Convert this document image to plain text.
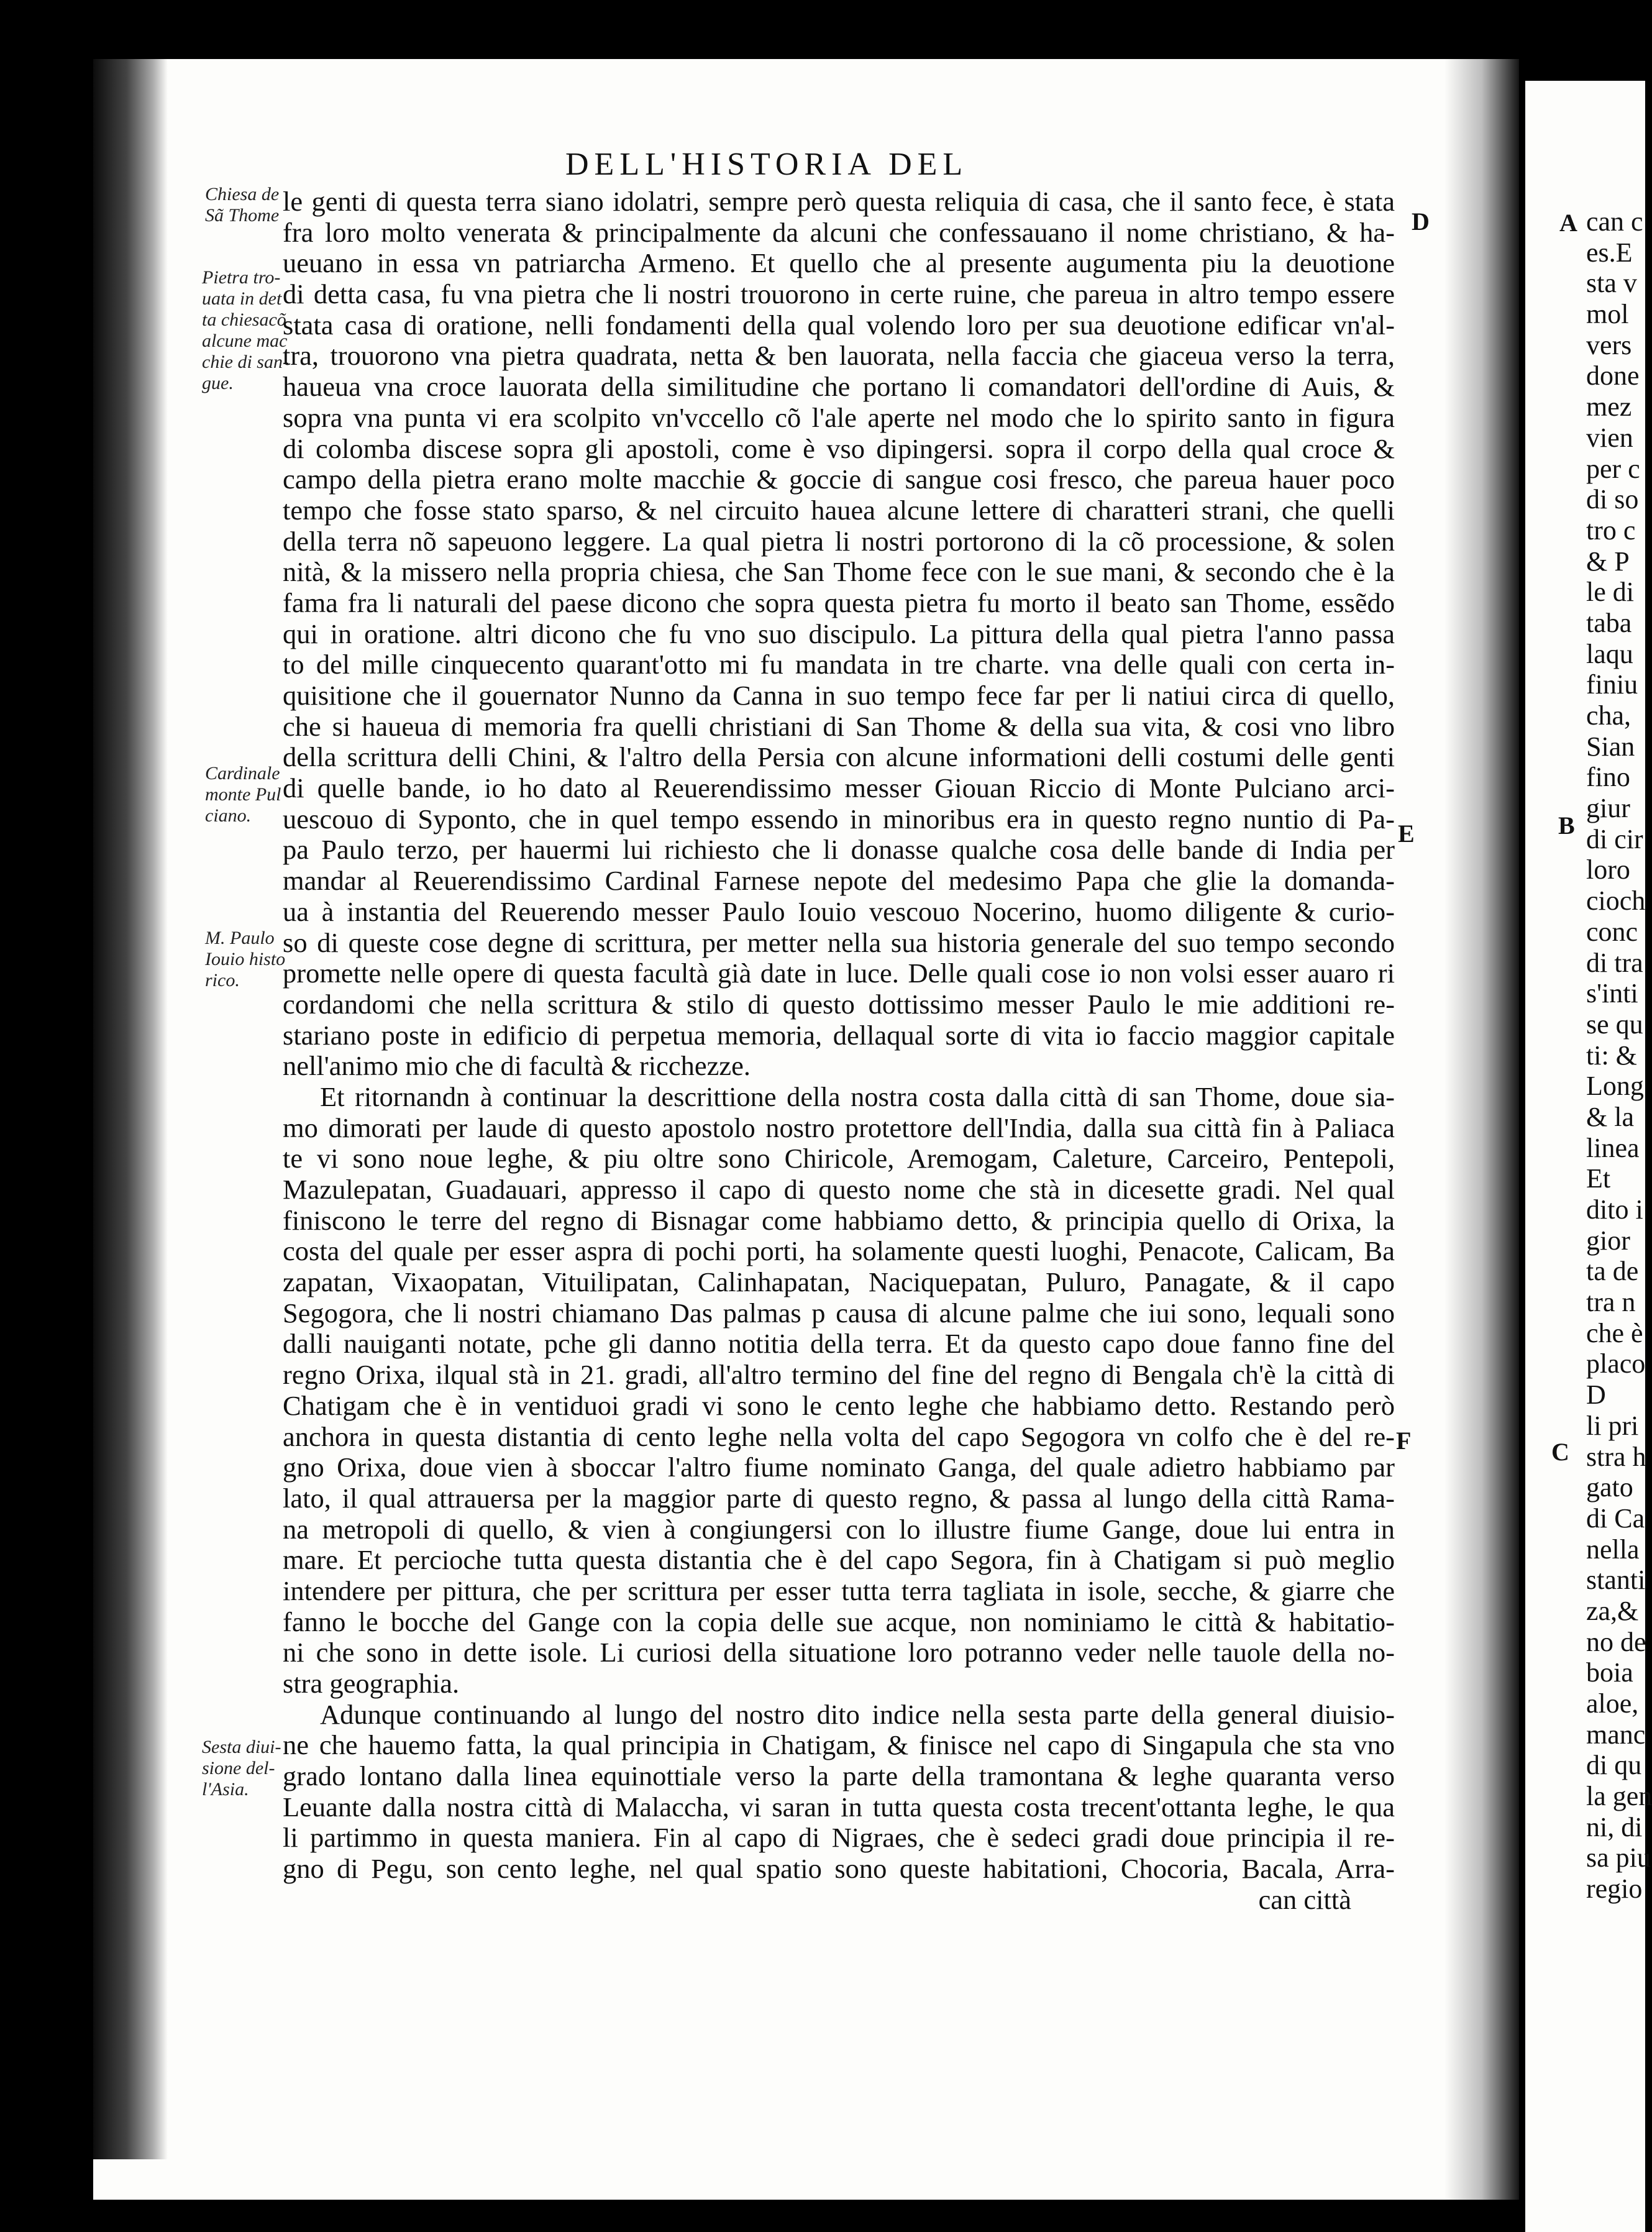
DELL'HISTORIA DEL
Chiesa de
Sã Thome
Pietra tro-
uata in det
ta chiesacõ
alcune mac
chie di san-
gue.
Cardinale
monte Pul
ciano.
M. Paulo
Iouio histo
rico.
Sesta diui-
sione del-
l'Asia.
D
E
F
A
B
C
le genti di questa terra siano idolatri, sempre però questa reliquia di casa, che il santo fece, è stata
fra loro molto venerata & principalmente da alcuni che confessauano il nome christiano, & ha-
ueuano in essa vn patriarcha Armeno. Et quello che al presente augumenta piu la deuotione
di detta casa, fu vna pietra che li nostri trouorono in certe ruine, che pareua in altro tempo essere
stata casa di oratione, nelli fondamenti della qual volendo loro per sua deuotione edificar vn'al-
tra, trouorono vna pietra quadrata, netta & ben lauorata, nella faccia che giaceua verso la terra,
haueua vna croce lauorata della similitudine che portano li comandatori dell'ordine di Auis, &
sopra vna punta vi era scolpito vn'vccello cõ l'ale aperte nel modo che lo spirito santo in figura
di colomba discese sopra gli apostoli, come è vso dipingersi. sopra il corpo della qual croce &
campo della pietra erano molte macchie & goccie di sangue cosi fresco, che pareua hauer poco
tempo che fosse stato sparso, & nel circuito hauea alcune lettere di charatteri strani, che quelli
della terra nõ sapeuono leggere. La qual pietra li nostri portorono di la cõ processione, & solen
nità, & la missero nella propria chiesa, che San Thome fece con le sue mani, & secondo che è la
fama fra li naturali del paese dicono che sopra questa pietra fu morto il beato san Thome, essẽdo
qui in oratione. altri dicono che fu vno suo discipulo. La pittura della qual pietra l'anno passa
to del mille cinquecento quarant'otto mi fu mandata in tre charte. vna delle quali con certa in-
quisitione che il gouernator Nunno da Canna in suo tempo fece far per li natiui circa di quello,
che si haueua di memoria fra quelli christiani di San Thome & della sua vita, & cosi vno libro
della scrittura delli Chini, & l'altro della Persia con alcune informationi delli costumi delle genti
di quelle bande, io ho dato al Reuerendissimo messer Giouan Riccio di Monte Pulciano arci-
uescouo di Syponto, che in quel tempo essendo in minoribus era in questo regno nuntio di Pa-
pa Paulo terzo, per hauermi lui richiesto che li donasse qualche cosa delle bande di India per
mandar al Reuerendissimo Cardinal Farnese nepote del medesimo Papa che glie la domanda-
ua à instantia del Reuerendo messer Paulo Iouio vescouo Nocerino, huomo diligente & curio-
so di queste cose degne di scrittura, per metter nella sua historia generale del suo tempo secondo
promette nelle opere di questa facultà già date in luce. Delle quali cose io non volsi esser auaro ri
cordandomi che nella scrittura & stilo di questo dottissimo messer Paulo le mie additioni re-
stariano poste in edificio di perpetua memoria, dellaqual sorte di vita io faccio maggior capitale
nell'animo mio che di facultà & ricchezze.
Et ritornandn à continuar la descrittione della nostra costa dalla città di san Thome, doue sia-
mo dimorati per laude di questo apostolo nostro protettore dell'India, dalla sua città fin à Paliaca
te vi sono noue leghe, & piu oltre sono Chiricole, Aremogam, Caleture, Carceiro, Pentepoli,
Mazulepatan, Guadauari, appresso il capo di questo nome che stà in dicesette gradi. Nel qual
finiscono le terre del regno di Bisnagar come habbiamo detto, & principia quello di Orixa, la
costa del quale per esser aspra di pochi porti, ha solamente questi luoghi, Penacote, Calicam, Ba
zapatan, Vixaopatan, Vituilipatan, Calinhapatan, Naciquepatan, Puluro, Panagate, & il capo
Segogora, che li nostri chiamano Das palmas p causa di alcune palme che iui sono, lequali sono
dalli nauiganti notate, pche gli danno notitia della terra. Et da questo capo doue fanno fine del
regno Orixa, ilqual stà in 21. gradi, all'altro termino del fine del regno di Bengala ch'è la città di
Chatigam che è in ventiduoi gradi vi sono le cento leghe che habbiamo detto. Restando però
anchora in questa distantia di cento leghe nella volta del capo Segogora vn colfo che è del re-
gno Orixa, doue vien à sboccar l'altro fiume nominato Ganga, del quale adietro habbiamo par
lato, il qual attrauersa per la maggior parte di questo regno, & passa al lungo della città Rama-
na metropoli di quello, & vien à congiungersi con lo illustre fiume Gange, doue lui entra in
mare. Et percioche tutta questa distantia che è del capo Segora, fin à Chatigam si può meglio
intendere per pittura, che per scrittura per esser tutta terra tagliata in isole, secche, & giarre che
fanno le bocche del Gange con la copia delle sue acque, non nominiamo le città & habitatio-
ni che sono in dette isole. Li curiosi della situatione loro potranno veder nelle tauole della no-
stra geographia.
Adunque continuando al lungo del nostro dito indice nella sesta parte della general diuisio-
ne che hauemo fatta, la qual principia in Chatigam, & finisce nel capo di Singapula che sta vno
grado lontano dalla linea equinottiale verso la parte della tramontana & leghe quaranta verso
Leuante dalla nostra città di Malaccha, vi saran in tutta questa costa trecent'ottanta leghe, le qua
li partimmo in questa maniera. Fin al capo di Nigraes, che è sedeci gradi doue principia il re-
gno di Pegu, son cento leghe, nel qual spatio sono queste habitationi, Chocoria, Bacala, Arra-
can città
can c
es.E
sta v
mol
vers
done
mez
vien
per c
di so
tro c
& P
le di
taba
laqu
finiu
cha,
Sian
fino
giur
di cir
loro
cioch
conc
di tra
s'inti
se qu
ti: &
Long
& la
linea
Et
dito i
gior
ta de
tra n
che è
placo
D
li pri
stra h
gato
di Ca
nella
stanti
za,&
no de
boia
aloe,
manc
di qu
la gen
ni, di
sa piu
regio
